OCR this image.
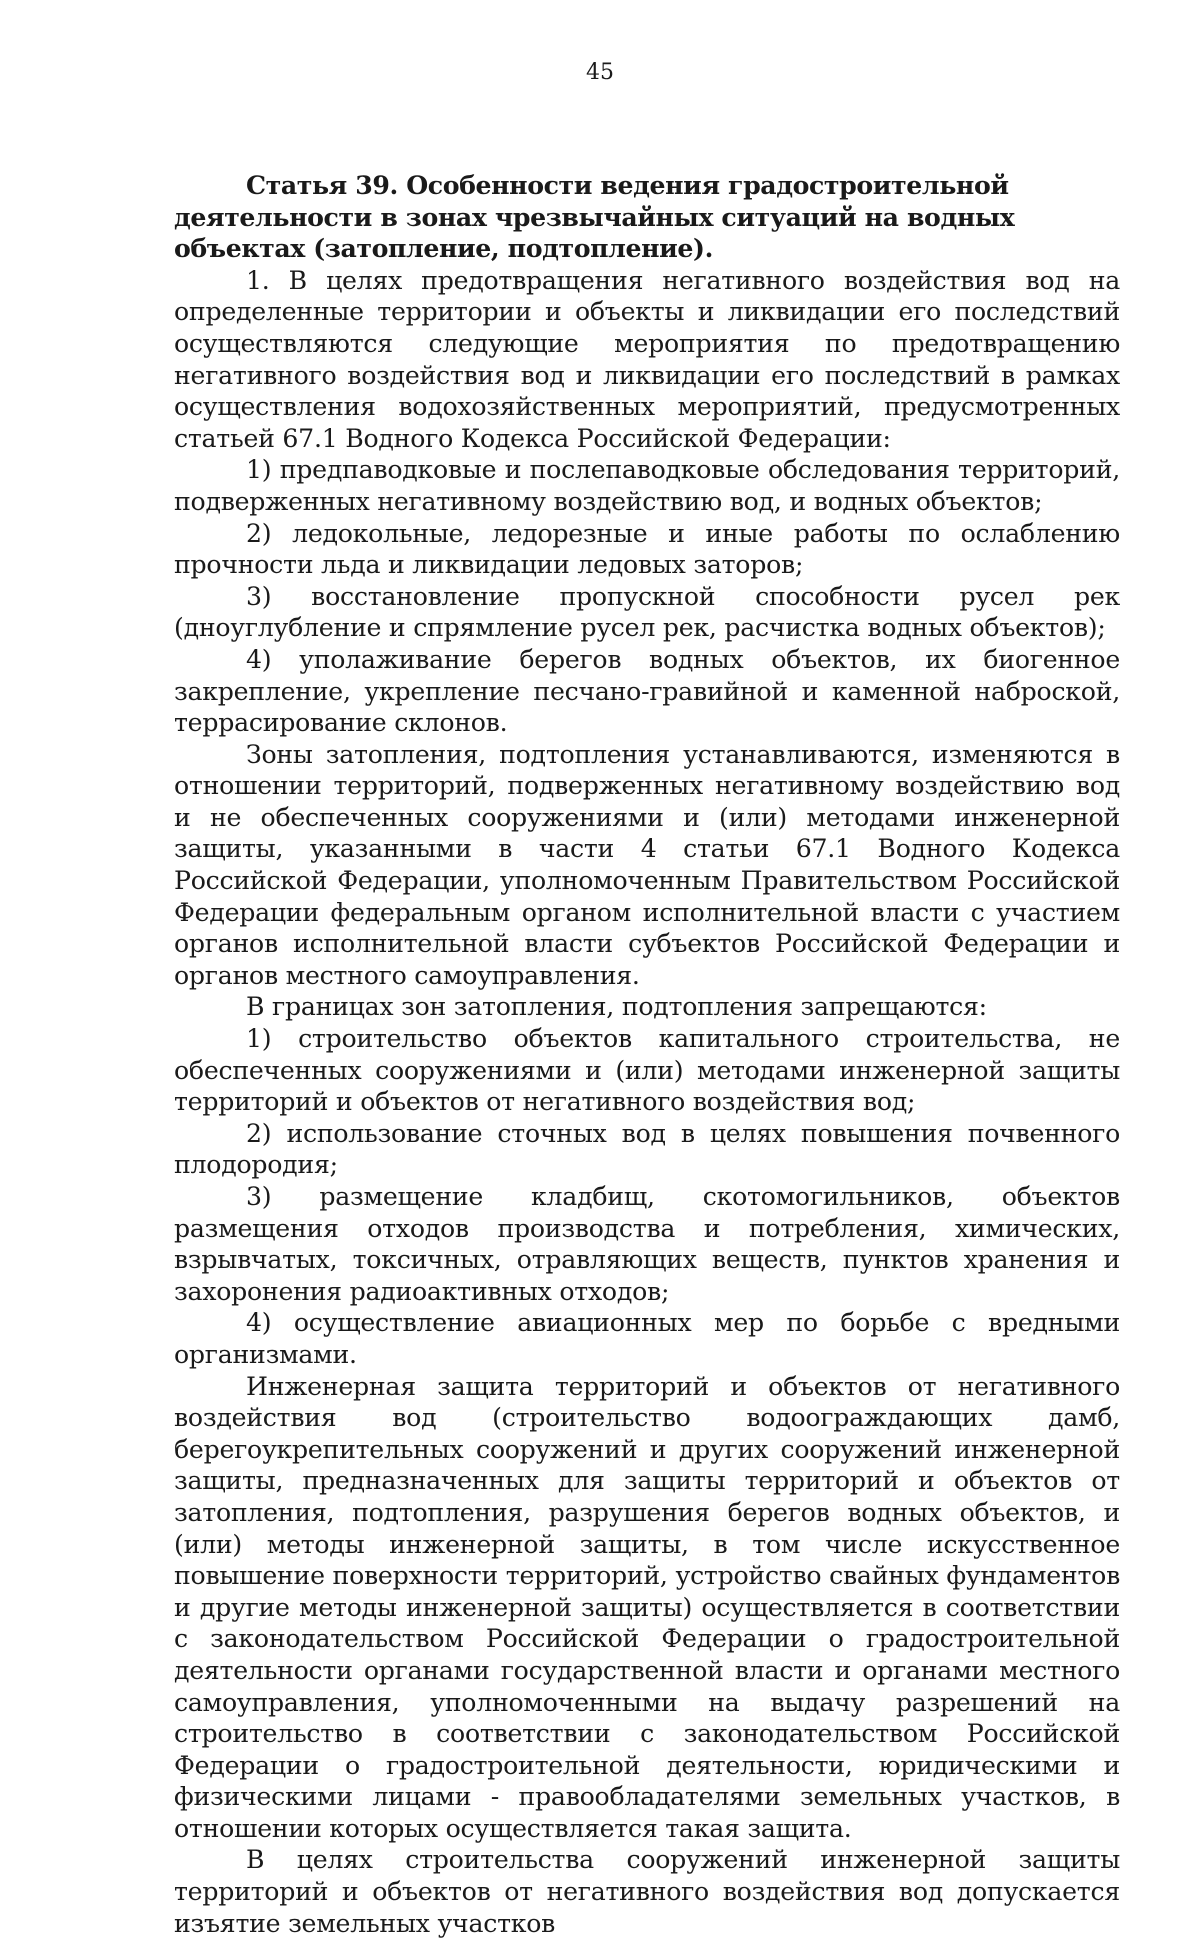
45
Статья 39. Особенности ведения градостроительной деятельности в зонах чрезвычайных ситуаций на водных объектах (затопление, подтопление).

1. В целях предотвращения негативного воздействия вод на определенные территории и объекты и ликвидации его последствий осуществляются следующие мероприятия по предотвращению негативного воздействия вод и ликвидации его последствий в рамках осуществления водохозяйственных мероприятий, предусмотренных статьей 67.1 Водного Кодекса Российской Федерации:

1) предпаводковые и послепаводковые обследования территорий, подверженных негативному воздействию вод, и водных объектов;

2) ледокольные, ледорезные и иные работы по ослаблению прочности льда и ликвидации ледовых заторов;

3) восстановление пропускной способности русел рек (дноуглубление и спрямление русел рек, расчистка водных объектов);

4) уполаживание берегов водных объектов, их биогенное закрепление, укрепление песчано-гравийной и каменной наброской, террасирование склонов.

Зоны затопления, подтопления устанавливаются, изменяются в отношении территорий, подверженных негативному воздействию вод и не обеспеченных сооружениями и (или) методами инженерной защиты, указанными в части 4 статьи 67.1 Водного Кодекса Российской Федерации, уполномоченным Правительством Российской Федерации федеральным органом исполнительной власти с участием органов исполнительной власти субъектов Российской Федерации и органов местного самоуправления.

В границах зон затопления, подтопления запрещаются:

1) строительство объектов капитального строительства, не обеспеченных сооружениями и (или) методами инженерной защиты территорий и объектов от негативного воздействия вод;

2) использование сточных вод в целях повышения почвенного плодородия;

3) размещение кладбищ, скотомогильников, объектов размещения отходов производства и потребления, химических, взрывчатых, токсичных, отравляющих веществ, пунктов хранения и захоронения радиоактивных отходов;

4) осуществление авиационных мер по борьбе с вредными организмами.

Инженерная защита территорий и объектов от негативного воздействия вод (строительство водоограждающих дамб, берегоукрепительных сооружений и других сооружений инженерной защиты, предназначенных для защиты территорий и объектов от затопления, подтопления, разрушения берегов водных объектов, и (или) методы инженерной защиты, в том числе искусственное повышение поверхности территорий, устройство свайных фундаментов и другие методы инженерной защиты) осуществляется в соответствии с законодательством Российской Федерации о градостроительной деятельности органами государственной власти и органами местного самоуправления, уполномоченными на выдачу разрешений на строительство в соответствии с законодательством Российской Федерации о градостроительной деятельности, юридическими и физическими лицами - правообладателями земельных участков, в отношении которых осуществляется такая защита.

В целях строительства сооружений инженерной защиты территорий и объектов от негативного воздействия вод допускается изъятие земельных участков
